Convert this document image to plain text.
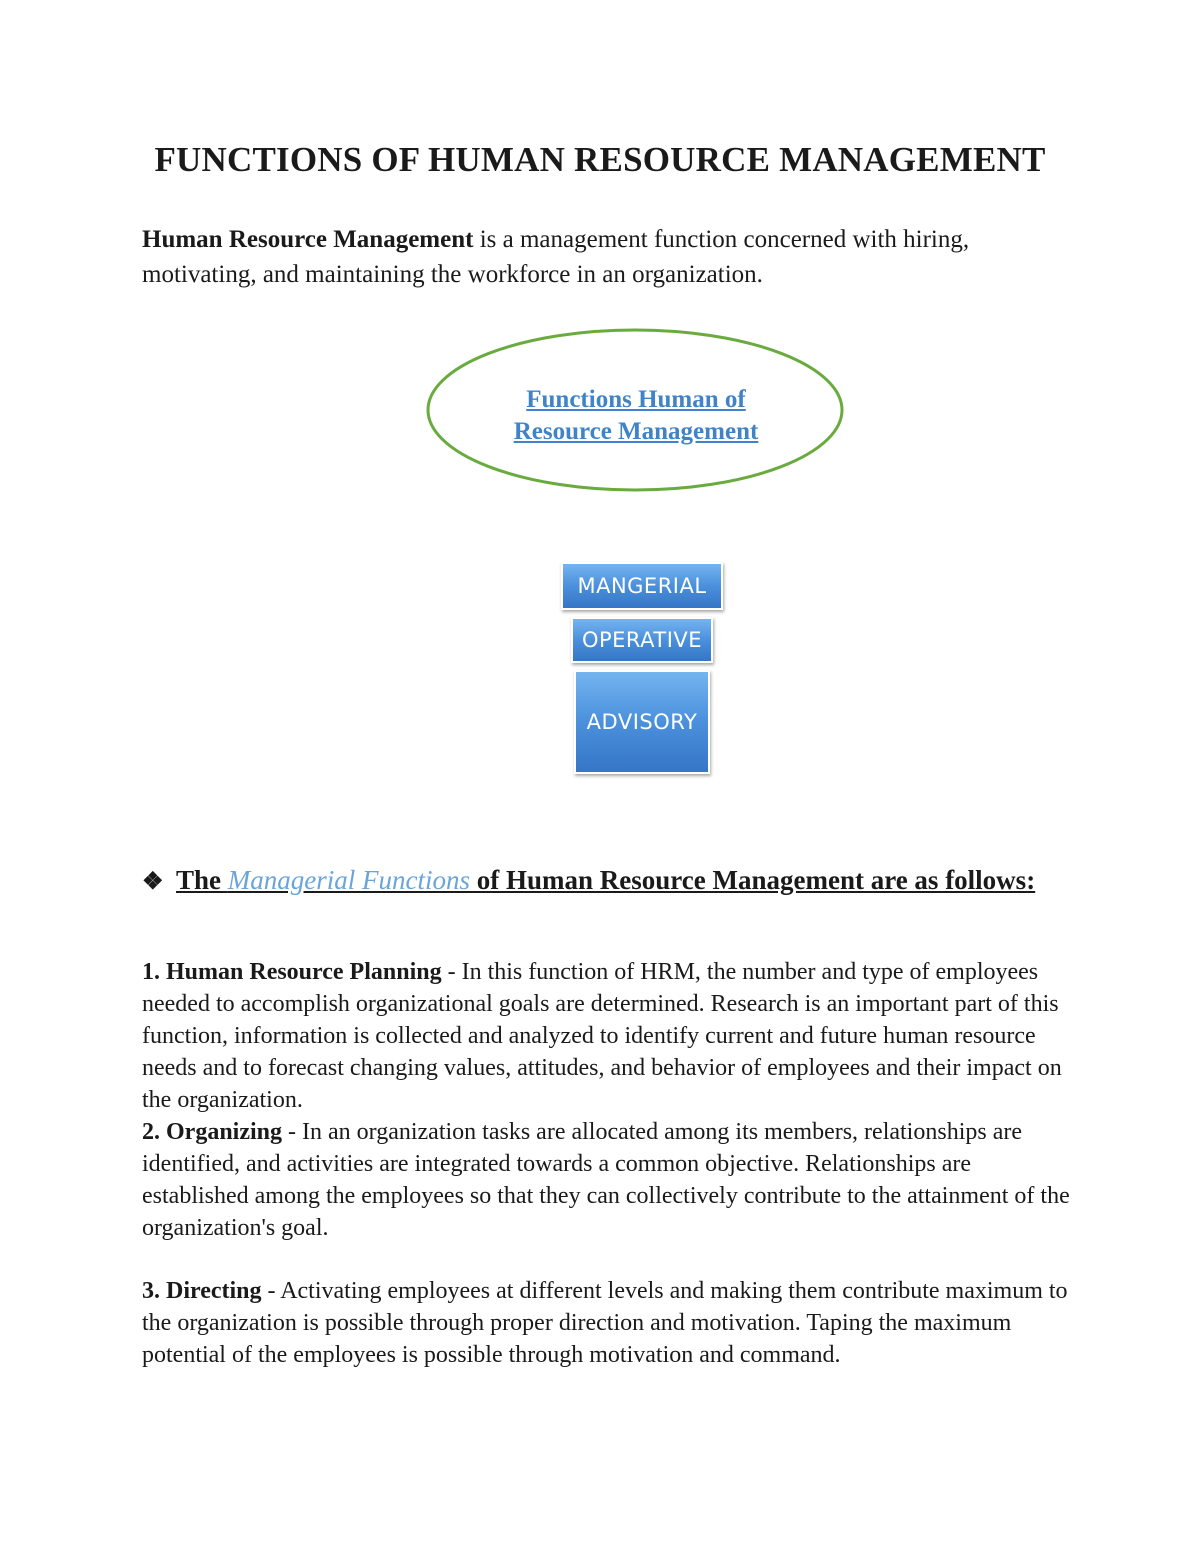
FUNCTIONS OF HUMAN RESOURCE MANAGEMENT

Human Resource Management is a management function concerned with hiring, motivating, and maintaining the workforce in an organization.

Functions Human of
Resource Management
MANGERIAL
OPERATIVE
ADVISORY
❖ The Managerial Functions of Human Resource Management are as follows:

1. Human Resource Planning - In this function of HRM, the number and type of employees needed to accomplish organizational goals are determined. Research is an important part of this function, information is collected and analyzed to identify current and future human resource needs and to forecast changing values, attitudes, and behavior of employees and their impact on the organization.

2. Organizing - In an organization tasks are allocated among its members, relationships are identified, and activities are integrated towards a common objective. Relationships are established among the employees so that they can collectively contribute to the attainment of the organization's goal.

3. Directing - Activating employees at different levels and making them contribute maximum to the organization is possible through proper direction and motivation. Taping the maximum potential of the employees is possible through motivation and command.
